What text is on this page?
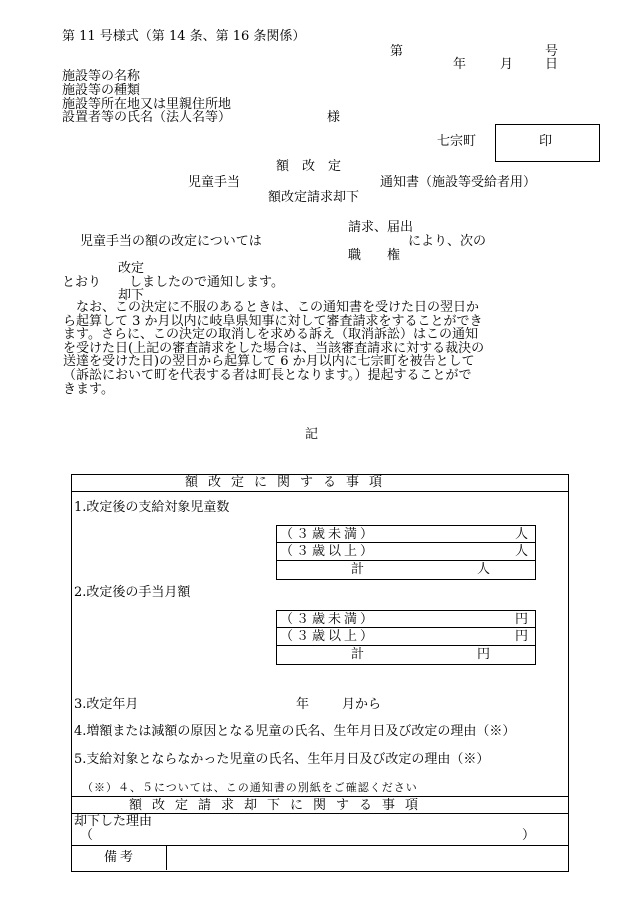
第 11 号様式（第 14 条、第 16 条関係）
第	号
年	月 日
施設等の名称
施設等の種類
施設等所在地又は里親住所地
設置者等の氏名（法人名等）	様
七宗町	印
額　改　定
児童手当	通知書（施設等受給者用）
額改定請求却下
請求、届出
児童手当の額の改定については	により、次の
職　　権
改定
とおり しましたので通知します。
却下
　なお、この決定に不服のあるときは、この通知書を受けた日の翌日か
ら起算して 3 か月以内に岐阜県知事に対して審査請求をすることができ
ます。さらに、この決定の取消しを求める訴え（取消訴訟）はこの通知
を受けた日(上記の審査請求をした場合は、当該審査請求に対する裁決の
送達を受けた日)の翌日から起算して 6 か月以内に七宗町を被告として
（訴訟において町を代表する者は町長となります。）提起することがで
きます。
記
額改定に関する事項
1.改定後の支給対象児童数
（３歳未満）	人
（３歳以上）	人
計	人
2.改定後の手当月額
（３歳未満）	円
（３歳以上）	円
計	円
3.改定年月	年	月から
4.増額または減額の原因となる児童の氏名、生年月日及び改定の理由（※）
5.支給対象とならなかった児童の氏名、生年月日及び改定の理由（※）
（※）４、５については、この通知書の別紙をご確認ください
額改定請求却下に関する事項
却下した理由
（	）
備考
